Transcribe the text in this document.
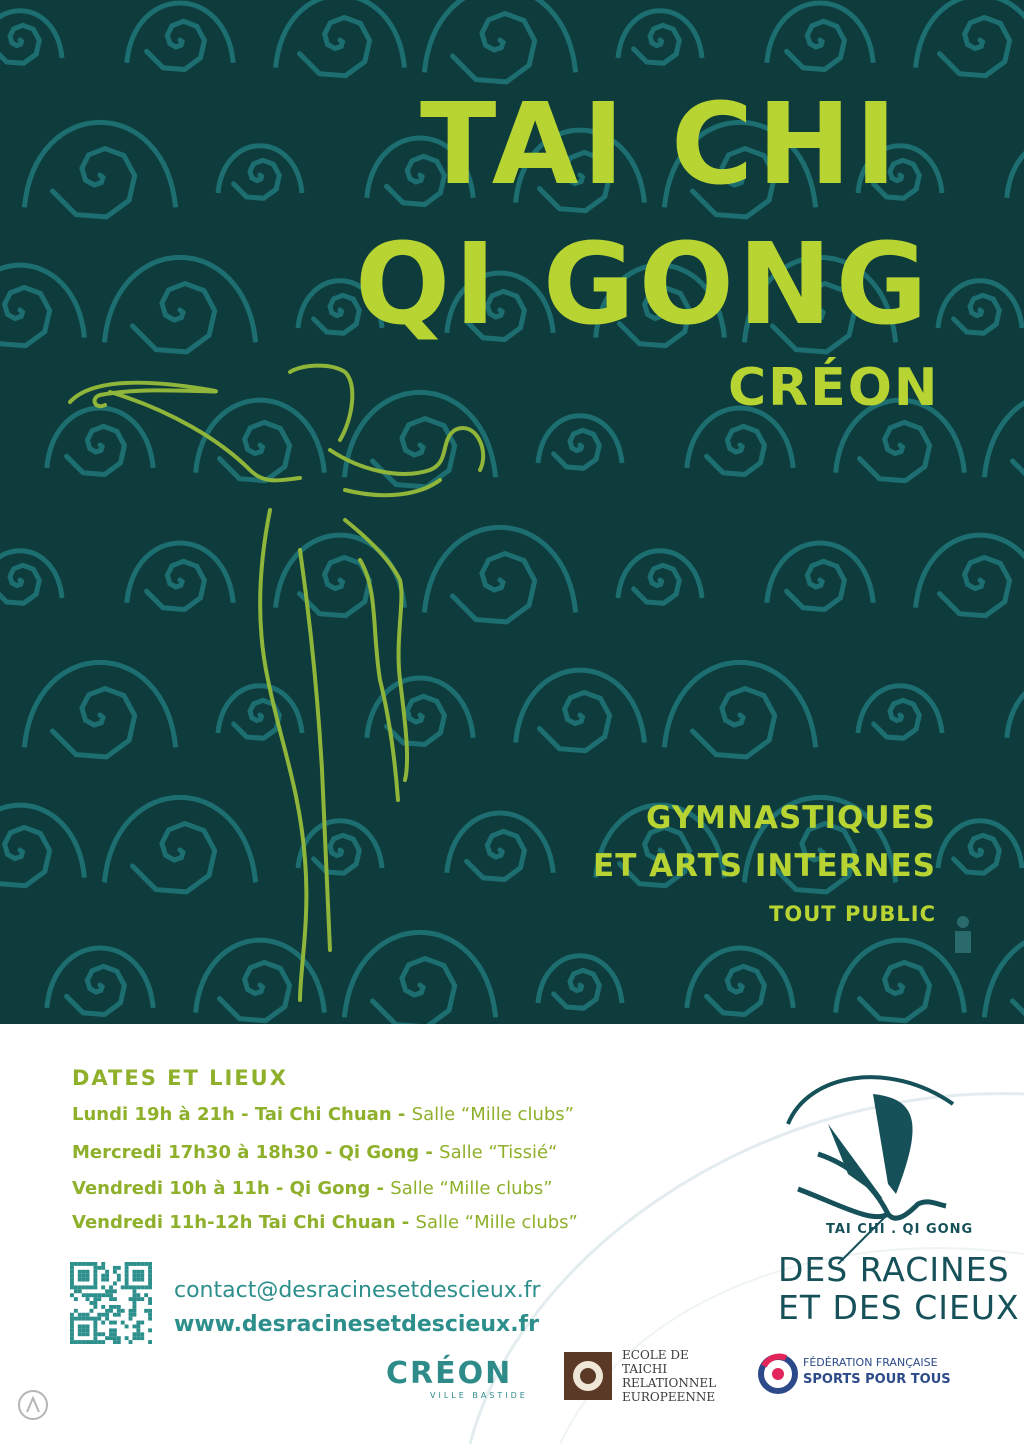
TAI CHI
QI GONG
CRÉON
GYMNASTIQUES
ET ARTS INTERNES
TOUT PUBLIC
DATES ET LIEUX
Lundi 19h à 21h - Tai Chi Chuan - Salle “Mille clubs”
Mercredi 17h30 à 18h30 - Qi Gong - Salle “Tissié“
Vendredi 10h à 11h - Qi Gong - Salle “Mille clubs”
Vendredi 11h-12h Tai Chi Chuan - Salle “Mille clubs”
contact@desracinesetdescieux.fr
www.desracinesetdescieux.fr
TAI CHI . QI GONG
DES RACINES
ET DES CIEUX
CRÉON
VILLE BASTIDE
ECOLE DE
TAICHI
RELATIONNEL
EUROPEENNE
FÉDÉRATION FRANÇAISE
SPORTS POUR TOUS
